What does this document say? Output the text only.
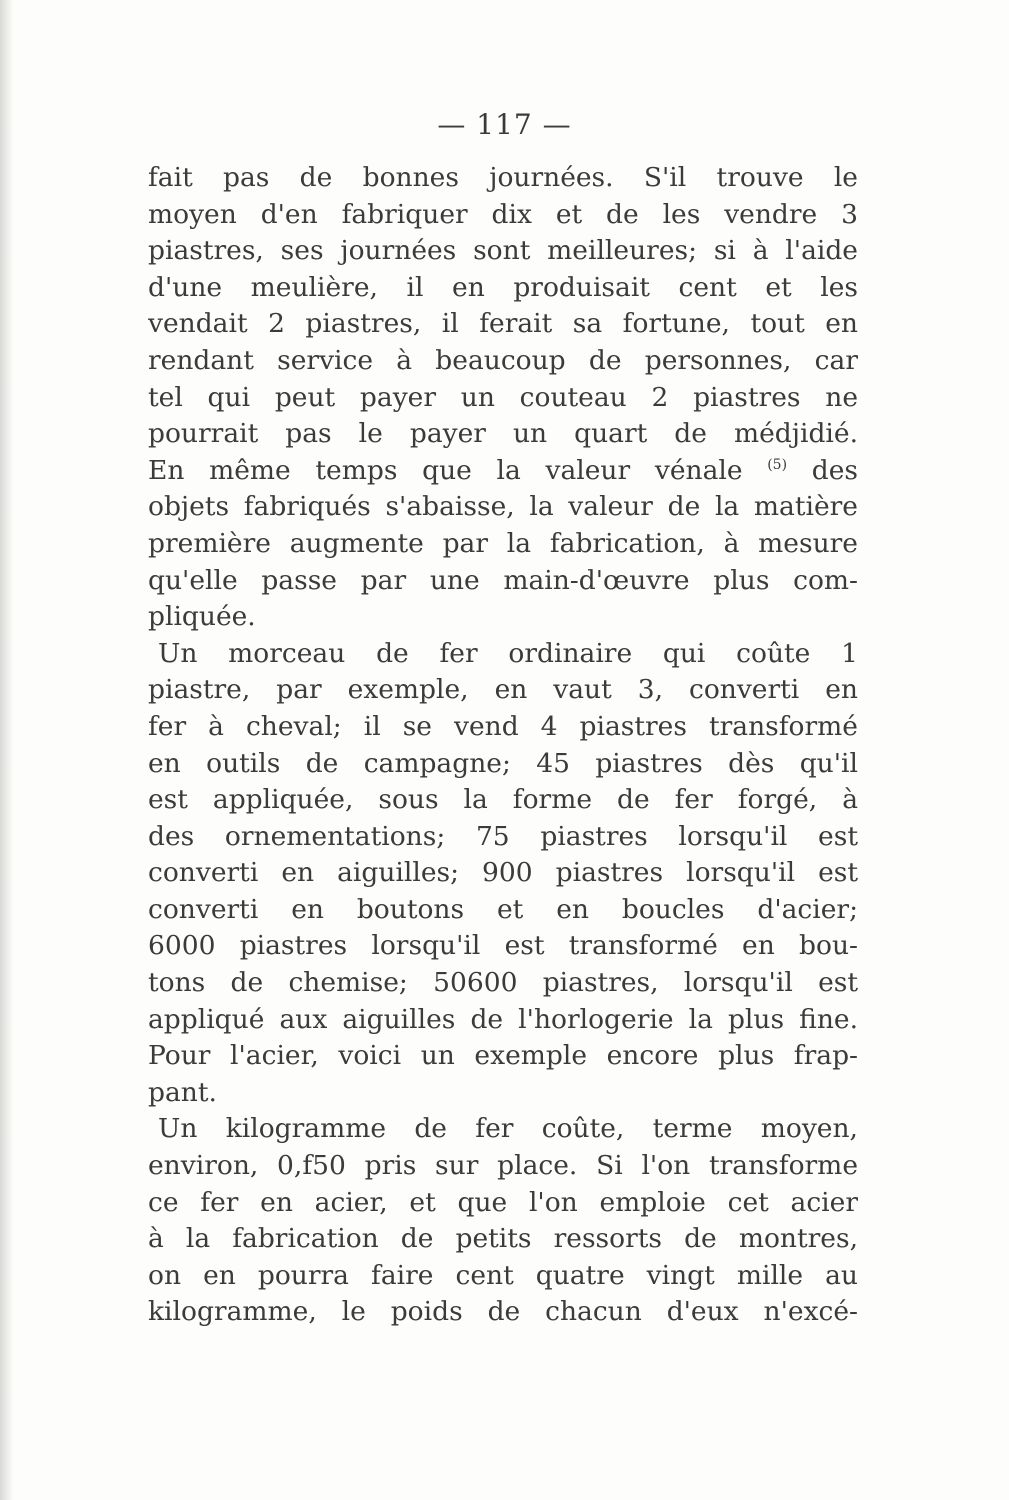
— 117 —
fait pas de bonnes journées. S'il trouve le
moyen d'en fabriquer dix et de les vendre 3
piastres, ses journées sont meilleures; si à l'aide
d'une meulière, il en produisait cent et les
vendait 2 piastres, il ferait sa fortune, tout en
rendant service à beaucoup de personnes, car
tel qui peut payer un couteau 2 piastres ne
pourrait pas le payer un quart de médjidié.
En même temps que la valeur vénale $^{(5)}$ des
objets fabriqués s'abaisse, la valeur de la matière
première augmente par la fabrication, à mesure
qu'elle passe par une main-d'œuvre plus com-
pliquée.
Un morceau de fer ordinaire qui coûte 1
piastre, par exemple, en vaut 3, converti en
fer à cheval; il se vend 4 piastres transformé
en outils de campagne; 45 piastres dès qu'il
est appliquée, sous la forme de fer forgé, à
des ornementations; 75 piastres lorsqu'il est
converti en aiguilles; 900 piastres lorsqu'il est
converti en boutons et en boucles d'acier;
6000 piastres lorsqu'il est transformé en bou-
tons de chemise; 50600 piastres, lorsqu'il est
appliqué aux aiguilles de l'horlogerie la plus fine.
Pour l'acier, voici un exemple encore plus frap-
pant.
Un kilogramme de fer coûte, terme moyen,
environ, 0,f50 pris sur place. Si l'on transforme
ce fer en acier, et que l'on emploie cet acier
à la fabrication de petits ressorts de montres,
on en pourra faire cent quatre vingt mille au
kilogramme, le poids de chacun d'eux n'excé-
